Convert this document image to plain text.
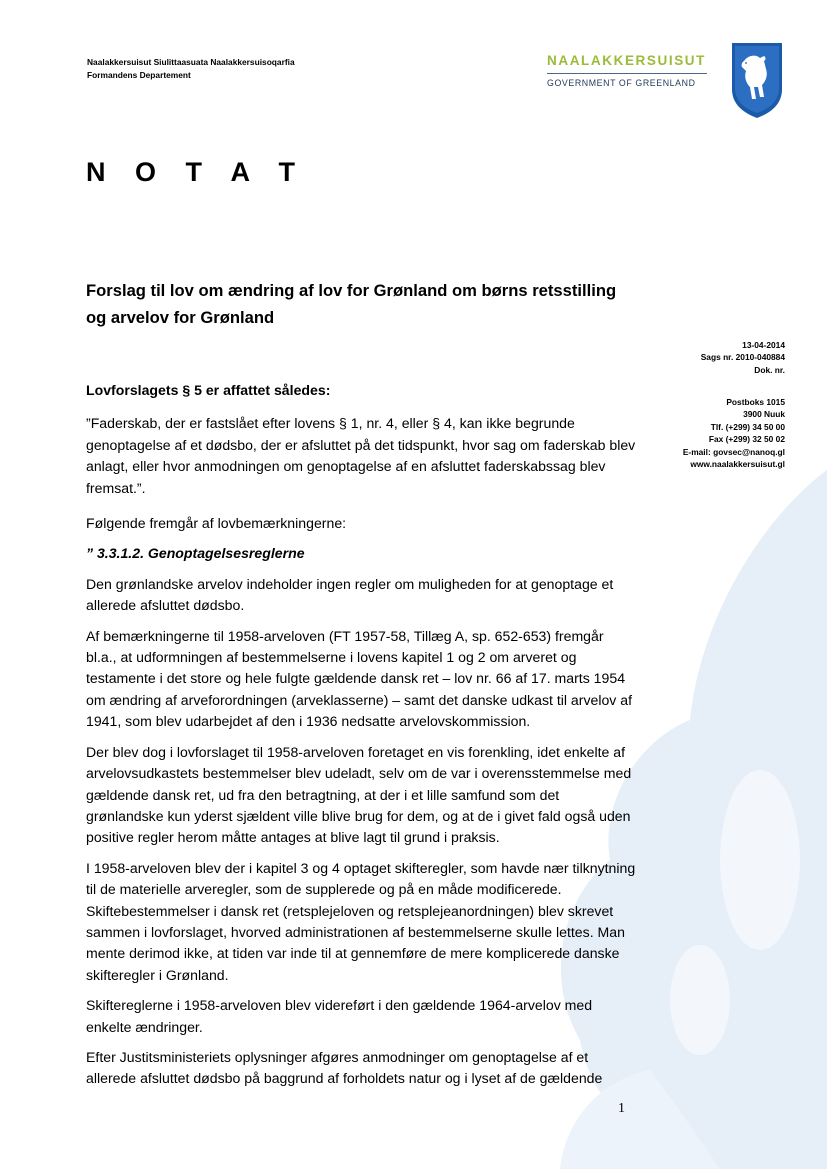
Naalakkersuisut Siulittaasuata Naalakkersuisoqarfia
Formandens Departement
NAALAKKERSUISUT
GOVERNMENT OF GREENLAND
N O T A T
Forslag til lov om ændring af lov for Grønland om børns retsstilling
og arvelov for Grønland
13-04-2014
Sags nr. 2010-040884
Dok. nr.
Postboks 1015
3900 Nuuk
Tlf. (+299) 34 50 00
Fax (+299) 32 50 02
E-mail: govsec@nanoq.gl
www.naalakkersuisut.gl

Lovforslagets § 5 er affattet således:

”Faderskab, der er fastslået efter lovens § 1, nr. 4, eller § 4, kan ikke begrunde genoptagelse af et dødsbo, der er afsluttet på det tidspunkt, hvor sag om faderskab blev anlagt, eller hvor anmodningen om genoptagelse af en afsluttet faderskabssag blev fremsat.”.

Følgende fremgår af lovbemærkningerne:

” 3.3.1.2. Genoptagelsesreglerne

Den grønlandske arvelov indeholder ingen regler om muligheden for at genoptage et allerede afsluttet dødsbo.

Af bemærkningerne til 1958-arveloven (FT 1957-58, Tillæg A, sp. 652-653) fremgår bl.a., at udformningen af bestemmelserne i lovens kapitel 1 og 2 om arveret og testamente i det store og hele fulgte gældende dansk ret – lov nr. 66 af 17. marts 1954 om ændring af arveforordningen (arveklasserne) – samt det danske udkast til arvelov af 1941, som blev udarbejdet af den i 1936 nedsatte arvelovskommission.

Der blev dog i lovforslaget til 1958-arveloven foretaget en vis forenkling, idet enkelte af arvelovsudkastets bestemmelser blev udeladt, selv om de var i overensstemmelse med gældende dansk ret, ud fra den betragtning, at der i et lille samfund som det grønlandske kun yderst sjældent ville blive brug for dem, og at de i givet fald også uden positive regler herom måtte antages at blive lagt til grund i praksis.

I 1958-arveloven blev der i kapitel 3 og 4 optaget skifteregler, som havde nær tilknytning til de materielle arveregler, som de supplerede og på en måde modificerede. Skiftebestemmelser i dansk ret (retsplejeloven og retsplejeanordningen) blev skrevet sammen i lovforslaget, hvorved administrationen af bestemmelserne skulle lettes. Man mente derimod ikke, at tiden var inde til at gennemføre de mere komplicerede danske skifteregler i Grønland.

Skiftereglerne i 1958-arveloven blev videreført i den gældende 1964-arvelov med enkelte ændringer.

Efter Justitsministeriets oplysninger afgøres anmodninger om genoptagelse af et allerede afsluttet dødsbo på baggrund af forholdets natur og i lyset af de gældende

1
